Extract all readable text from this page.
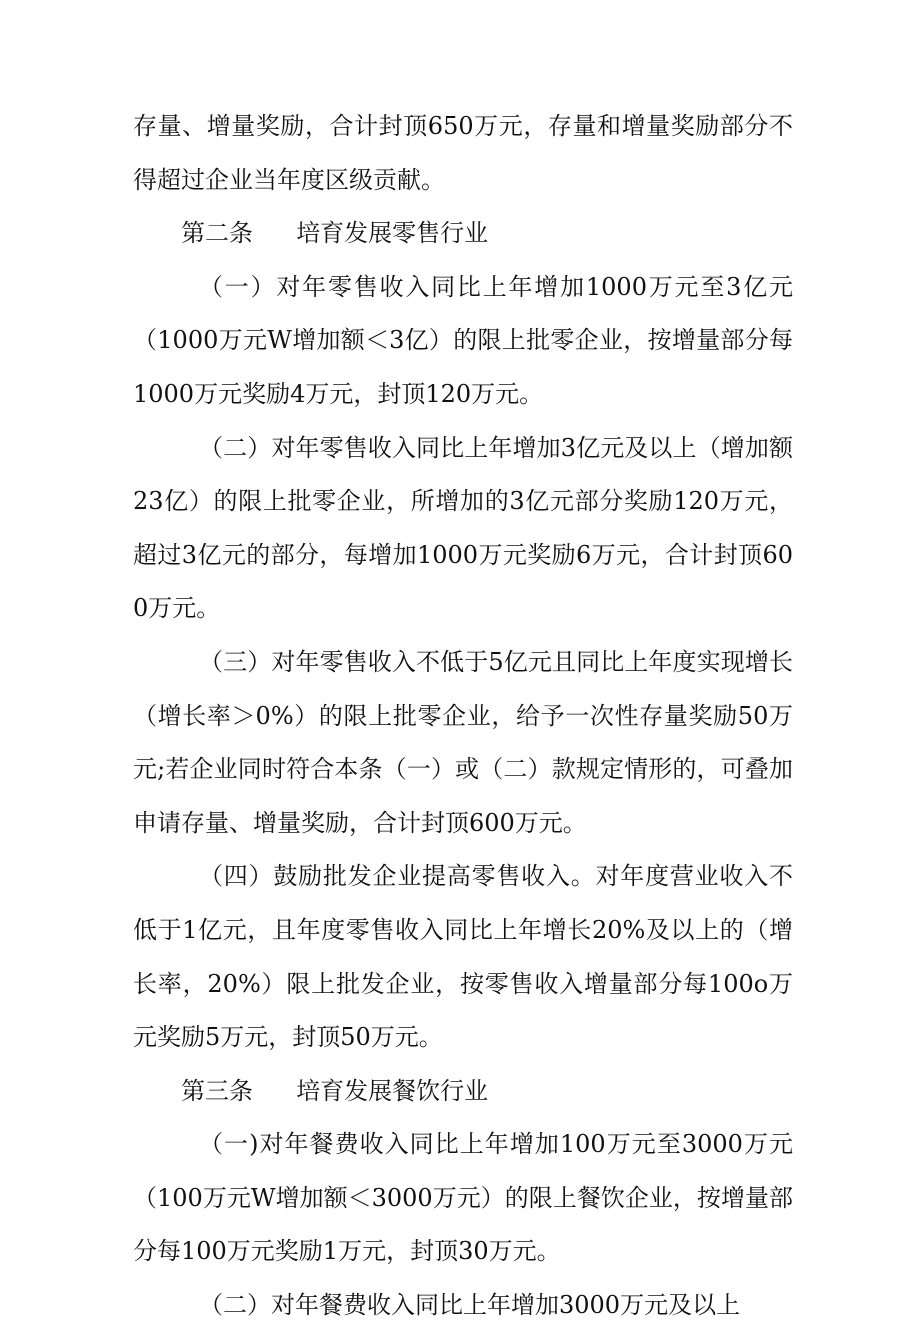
存量、增量奖励，合计封顶650万元，存量和增量奖励部分不得超过企业当年度区级贡献。

第二条 培育发展零售行业

（一）对年零售收入同比上年增加1000万元至3亿元（1000万元W增加额＜3亿）的限上批零企业，按增量部分每1000万元奖励4万元，封顶120万元。

（二）对年零售收入同比上年增加3亿元及以上（增加额23亿）的限上批零企业，所增加的3亿元部分奖励120万元，超过3亿元的部分，每增加1000万元奖励6万元，合计封顶600万元。

（三）对年零售收入不低于5亿元且同比上年度实现增长（增长率＞0%）的限上批零企业，给予一次性存量奖励50万元;若企业同时符合本条（一）或（二）款规定情形的，可叠加申请存量、增量奖励，合计封顶600万元。

（四）鼓励批发企业提高零售收入。对年度营业收入不低于1亿元，且年度零售收入同比上年增长20%及以上的（增长率，20%）限上批发企业，按零售收入增量部分每100o万元奖励5万元，封顶50万元。

第三条 培育发展餐饮行业

（一)对年餐费收入同比上年增加100万元至3000万元（100万元W增加额＜3000万元）的限上餐饮企业，按增量部分每100万元奖励1万元，封顶30万元。

（二）对年餐费收入同比上年增加3000万元及以上
